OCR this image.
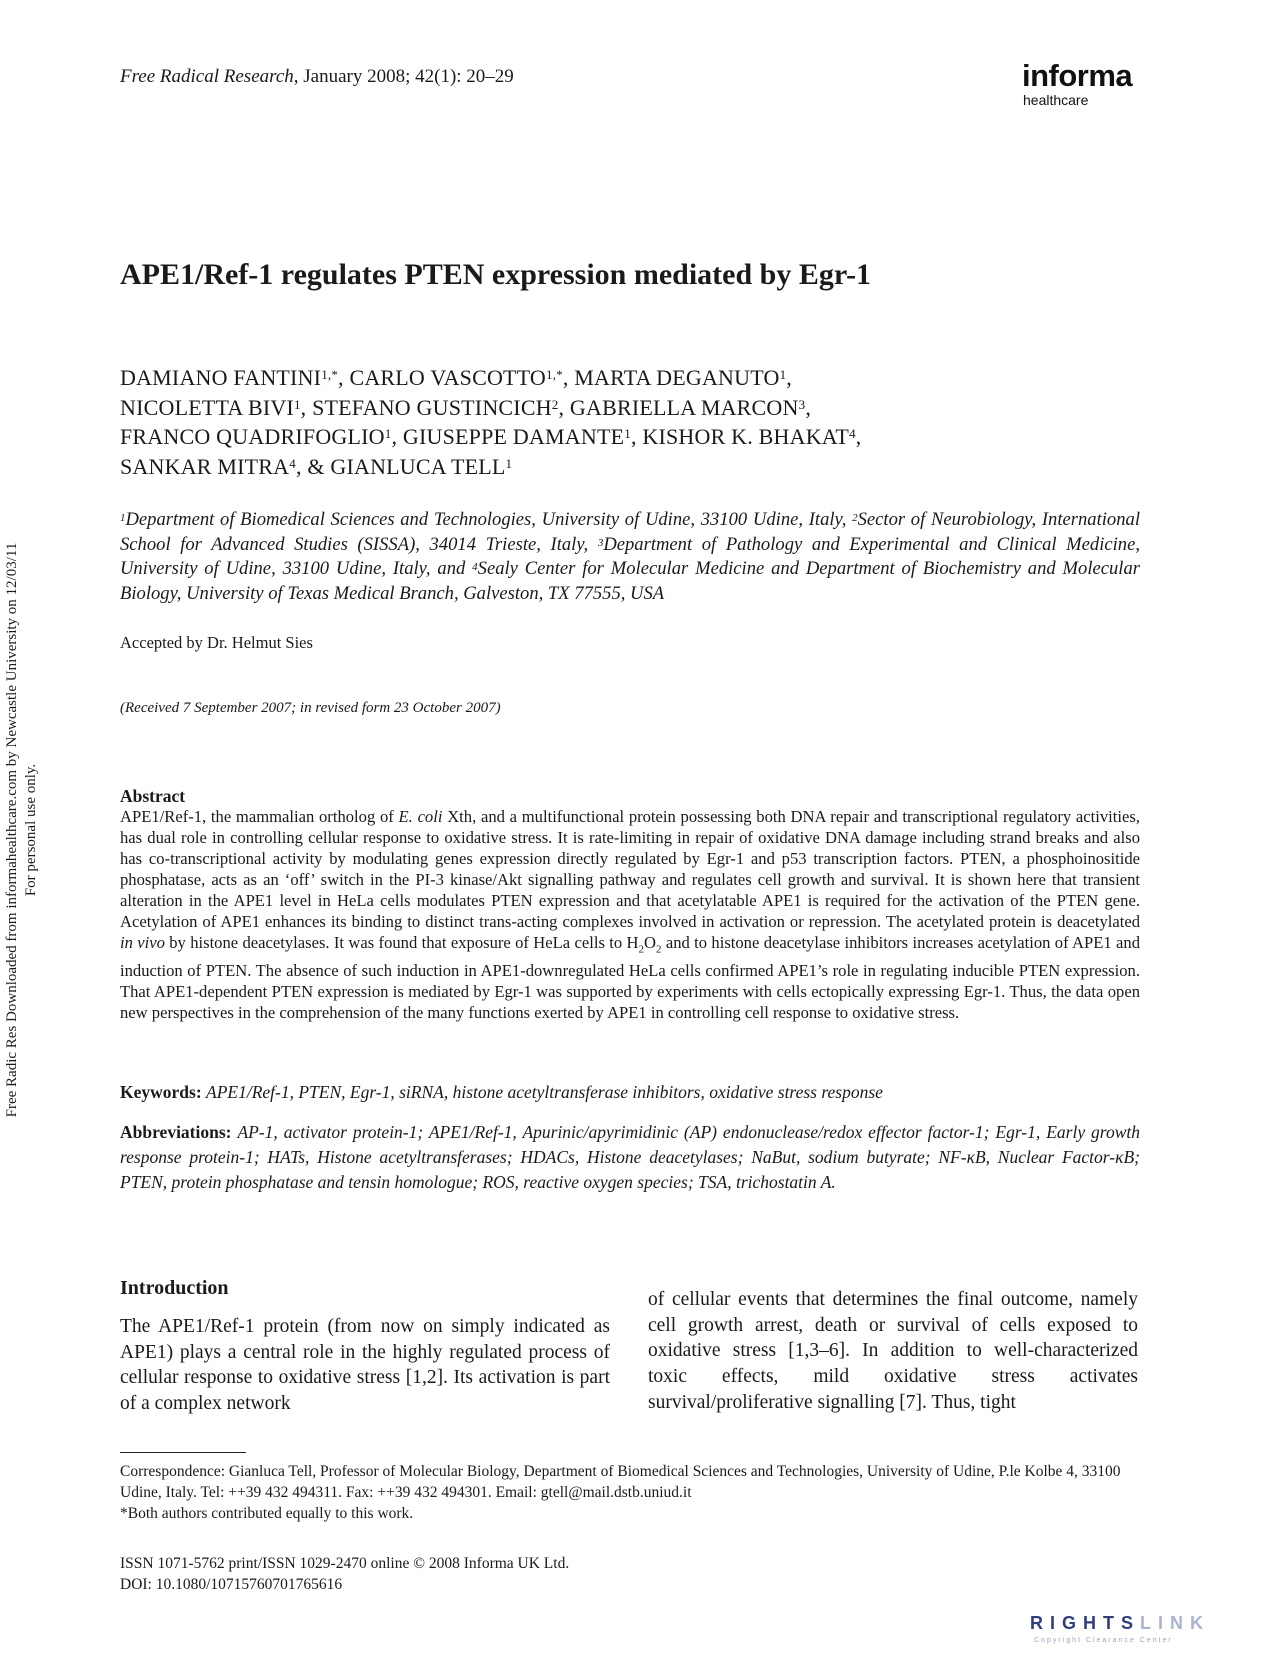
Free Radical Research, January 2008; 42(1): 20–29	informa
healthcare
APE1/Ref-1 regulates PTEN expression mediated by Egr-1
DAMIANO $FANTINI^{1,*}$, CARLO $VASCOTTO^{1,*}$, MARTA DEGANUTO$^1$,
NICOLETTA BIVI$^1$, STEFANO GUSTINCICH$^2$, GABRIELLA MARCON$^3$,
FRANCO QUADRIFOGLIO$^1$, GIUSEPPE DAMANTE$^1$, KISHOR K. BHAKAT$^4$,
SANKAR MITRA$^4$, & GIANLUCA TELL$^1$
$^1$Department of Biomedical Sciences and Technologies, University of Udine, 33100 Udine, Italy, $^2$Sector of Neurobiology, International School for Advanced Studies (SISSA), 34014 Trieste, Italy, $^3$Department of Pathology and Experimental and Clinical Medicine, University of Udine, 33100 Udine, Italy, and $^4$Sealy Center for Molecular Medicine and Department of Biochemistry and Molecular Biology, University of Texas Medical Branch, Galveston, TX 77555, USA
Accepted by Dr. Helmut Sies
(Received 7 September 2007; in revised form 23 October 2007)
Abstract
APE1/Ref-1, the mammalian ortholog of E. coli Xth, and a multifunctional protein possessing both DNA repair and transcriptional regulatory activities, has dual role in controlling cellular response to oxidative stress. It is rate-limiting in repair of oxidative DNA damage including strand breaks and also has co-transcriptional activity by modulating genes expression directly regulated by Egr-1 and p53 transcription factors. PTEN, a phosphoinositide phosphatase, acts as an ‘off’ switch in the PI-3 kinase/Akt signalling pathway and regulates cell growth and survival. It is shown here that transient alteration in the APE1 level in HeLa cells modulates PTEN expression and that acetylatable APE1 is required for the activation of the PTEN gene. Acetylation of APE1 enhances its binding to distinct trans-acting complexes involved in activation or repression. The acetylated protein is deacetylated in vivo by histone deacetylases. It was found that exposure of HeLa cells to $H_2O_2$ and to histone deacetylase inhibitors increases acetylation of APE1 and induction of PTEN. The absence of such induction in APE1-downregulated HeLa cells confirmed APE1’s role in regulating inducible PTEN expression. That APE1-dependent PTEN expression is mediated by Egr-1 was supported by experiments with cells ectopically expressing Egr-1. Thus, the data open new perspectives in the comprehension of the many functions exerted by APE1 in controlling cell response to oxidative stress.
Keywords: APE1/Ref-1, PTEN, Egr-1, siRNA, histone acetyltransferase inhibitors, oxidative stress response
Abbreviations: AP-1, activator protein-1; APE1/Ref-1, Apurinic/apyrimidinic (AP) endonuclease/redox effector factor-1; Egr-1, Early growth response protein-1; HATs, Histone acetyltransferases; HDACs, Histone deacetylases; NaBut, sodium butyrate; NF-κB, Nuclear Factor-κB; PTEN, protein phosphatase and tensin homologue; ROS, reactive oxygen species; TSA, trichostatin A.
Introduction
The APE1/Ref-1 protein (from now on simply indicated as APE1) plays a central role in the highly regulated process of cellular response to oxidative stress [1,2]. Its activation is part of a complex network
of cellular events that determines the final outcome, namely cell growth arrest, death or survival of cells exposed to oxidative stress [1,3–6]. In addition to well-characterized toxic effects, mild oxidative stress activates survival/proliferative signalling [7]. Thus, tight
Correspondence: Gianluca Tell, Professor of Molecular Biology, Department of Biomedical Sciences and Technologies, University of Udine, P.le Kolbe 4, 33100 Udine, Italy. Tel: ++39 432 494311. Fax: ++39 432 494301. Email: gtell@mail.dstb.uniud.it
*Both authors contributed equally to this work.
ISSN 1071-5762 print/ISSN 1029-2470 online © 2008 Informa UK Ltd.
DOI: 10.1080/10715760701765616
Free Radic Res Downloaded from informahealthcare.com by Newcastle University on 12/03/11 For personal use only.
RIGHTSLINK
Copyright Clearance Center
